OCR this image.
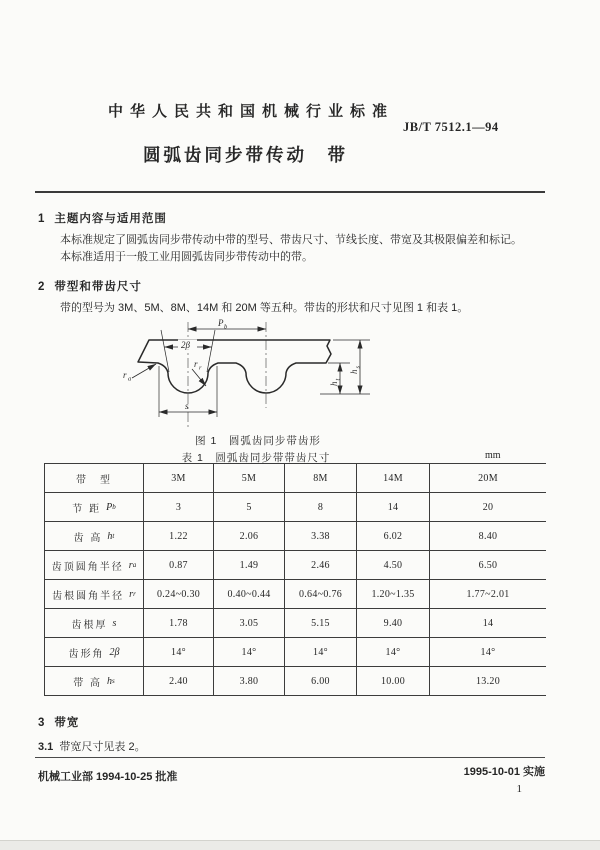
中华人民共和国机械行业标准
JB/T 7512.1—94
圆弧齿同步带传动　带
1 主题内容与适用范围
本标准规定了圆弧齿同步带传动中带的型号、带齿尺寸、节线长度、带宽及其极限偏差和标记。
本标准适用于一般工业用圆弧齿同步带传动中的带。
2 带型和带齿尺寸
带的型号为 3M、5M、8M、14M 和 20M 等五种。带齿的形状和尺寸见图 1 和表 1。
P b
2β
r a
r r
s
h
t
h
s
图 1　圆弧齿同步带齿形
表 1　圆弧齿同步带带齿尺寸	mm
带　型	3M	5M	8M	14M	20M
节 距 P b	3	5	8	14	20
齿 高 h t	1.22	2.06	3.38	6.02	8.40
齿顶圆角半径 r a	0.87	1.49	2.46	4.50	6.50
齿根圆角半径 r r	0.24~0.30	0.40~0.44	0.64~0.76	1.20~1.35	1.77~2.01
齿根厚 s	1.78	3.05	5.15	9.40	14
齿形角 2β	14°	14°	14°	14°	14°
带 高 h s	2.40	3.80	6.00	10.00	13.20
3 带宽
3.1 带宽尺寸见表 2。
机械工业部 1994-10-25 批准	1995-10-01 实施
1
